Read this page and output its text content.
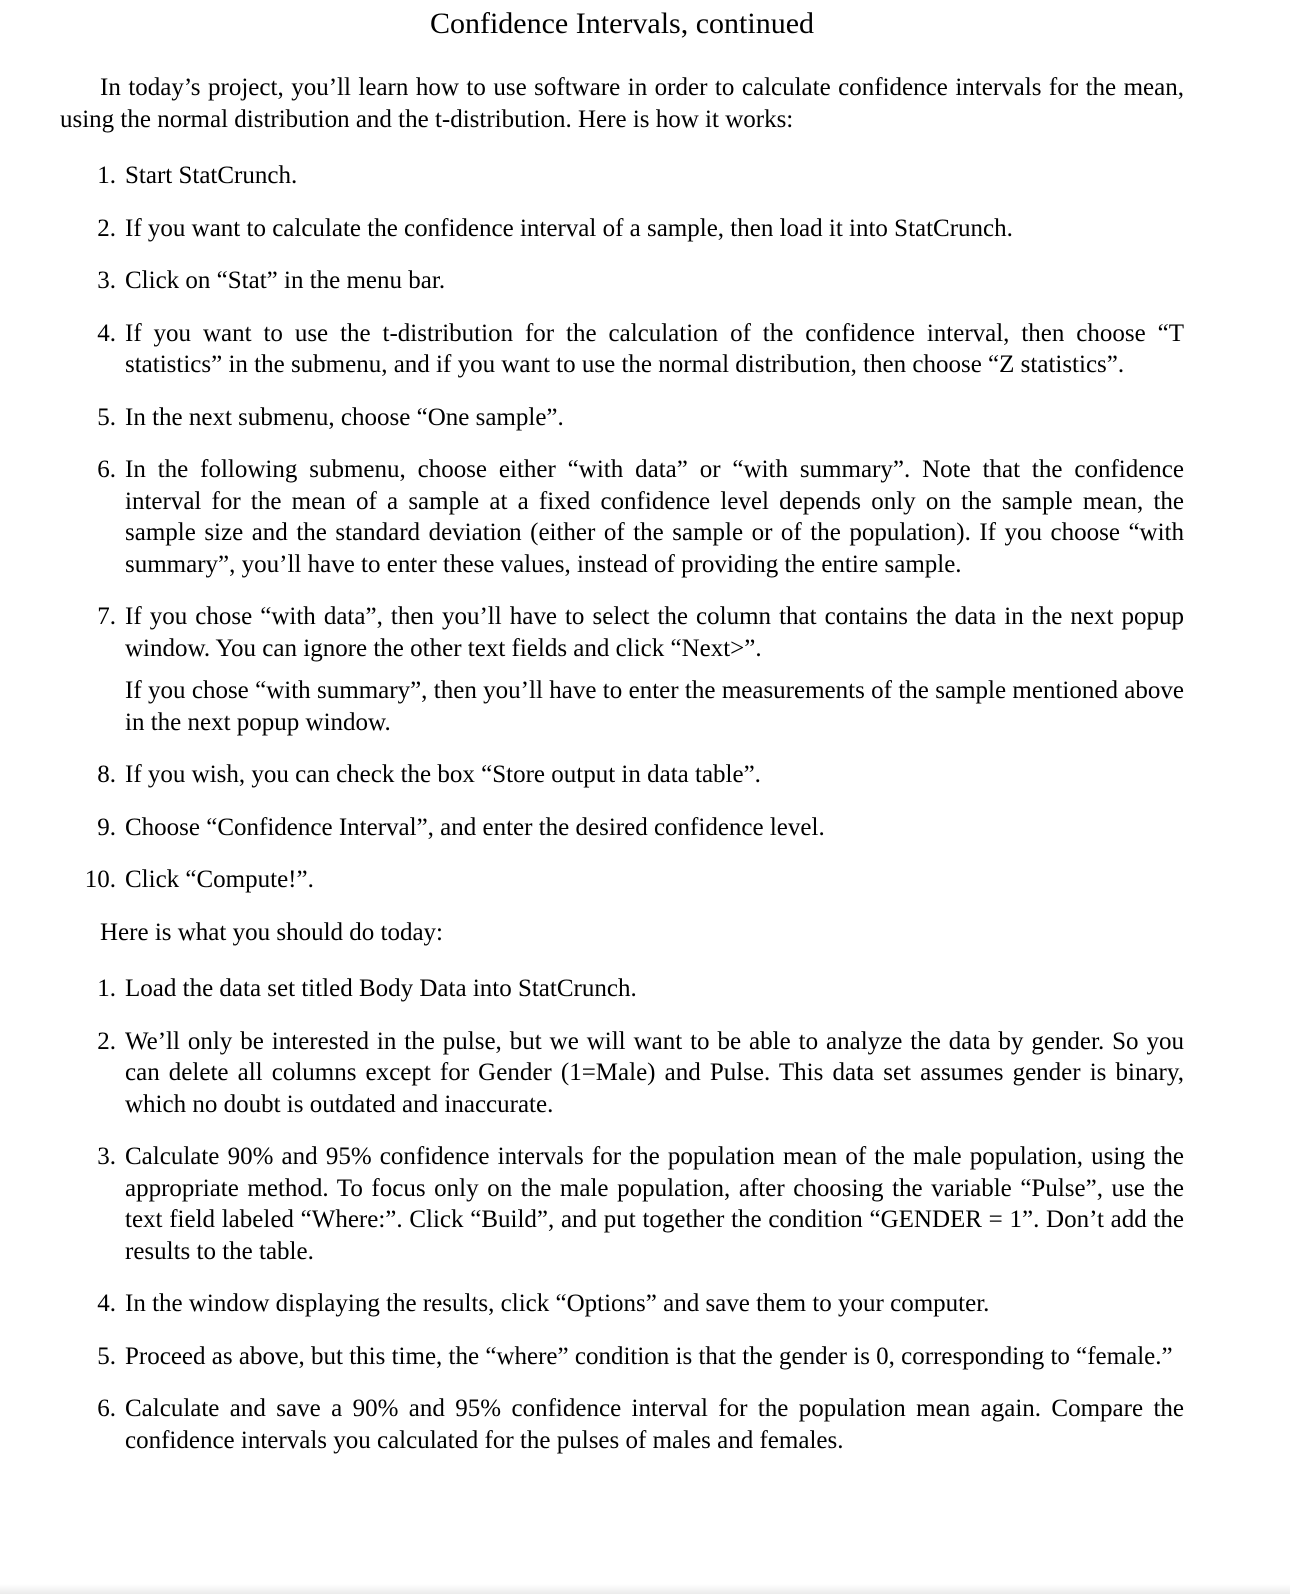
Confidence Intervals, continued

In today’s project, you’ll learn how to use software in order to calculate confidence intervals for the mean, using the normal distribution and the t-distribution. Here is how it works:

1. Start StatCrunch.

2. If you want to calculate the confidence interval of a sample, then load it into StatCrunch.

3. Click on “Stat” in the menu bar.

4. If you want to use the t-distribution for the calculation of the confidence interval, then choose “T statistics” in the submenu, and if you want to use the normal distribution, then choose “Z statistics”.

5. In the next submenu, choose “One sample”.

6. In the following submenu, choose either “with data” or “with summary”. Note that the confidence interval for the mean of a sample at a fixed confidence level depends only on the sample mean, the sample size and the standard deviation (either of the sample or of the population). If you choose “with summary”, you’ll have to enter these values, instead of providing the entire sample.

7. If you chose “with data”, then you’ll have to select the column that contains the data in the next popup window. You can ignore the other text fields and click “Next>”.

If you chose “with summary”, then you’ll have to enter the measurements of the sample mentioned above in the next popup window.

8. If you wish, you can check the box “Store output in data table”.

9. Choose “Confidence Interval”, and enter the desired confidence level.

10. Click “Compute!”.

Here is what you should do today:

1. Load the data set titled Body Data into StatCrunch.

2. We’ll only be interested in the pulse, but we will want to be able to analyze the data by gender. So you can delete all columns except for Gender (1=Male) and Pulse. This data set assumes gender is binary, which no doubt is outdated and inaccurate.

3. Calculate 90% and 95% confidence intervals for the population mean of the male population, using the appropriate method. To focus only on the male population, after choosing the variable “Pulse”, use the text field labeled “Where:”. Click “Build”, and put together the condition “GENDER = 1”. Don’t add the results to the table.

4. In the window displaying the results, click “Options” and save them to your computer.

5. Proceed as above, but this time, the “where” condition is that the gender is 0, corresponding to “female.”

6. Calculate and save a 90% and 95% confidence interval for the population mean again. Compare the confidence intervals you calculated for the pulses of males and females.
